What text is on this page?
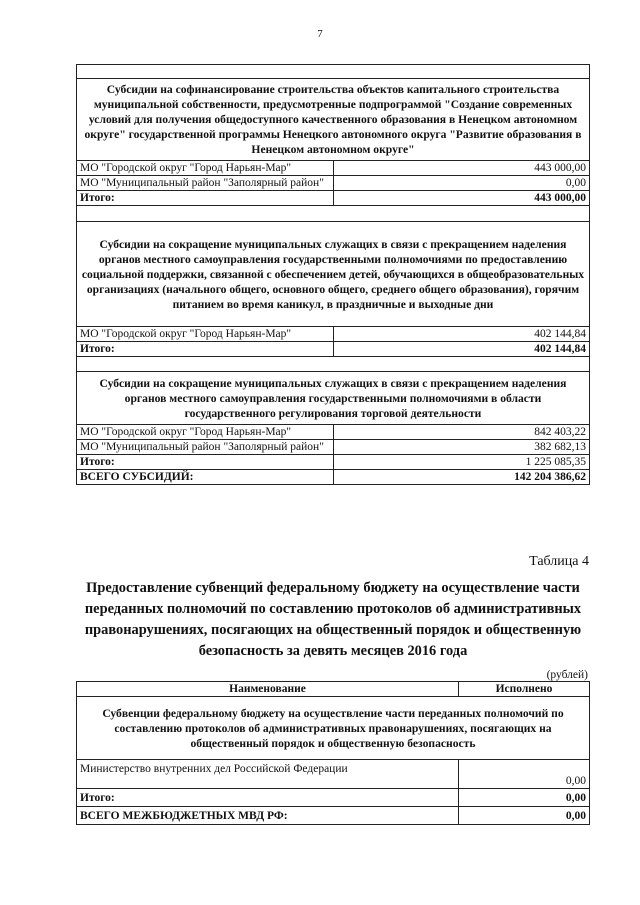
7

Субсидии на софинансирование строительства объектов капитального строительства муниципальной собственности, предусмотренные подпрограммой "Создание современных условий для получения общедоступного качественного образования в Ненецком автономном округе" государственной программы Ненецкого автономного округа "Развитие образования в Ненецком автономном округе"	
МО "Городской округ "Город Нарьян-Мар"	443 000,00
МО "Муниципальный район "Заполярный район"	0,00
Итого:	443 000,00

Субсидии на сокращение муниципальных служащих в связи с прекращением наделения органов местного самоуправления государственными полномочиями по предоставлению социальной поддержки, связанной с обеспечением детей, обучающихся в общеобразовательных организациях (начального общего, основного общего, среднего общего образования), горячим питанием во время каникул, в праздничные и выходные дни	
МО "Городской округ "Город Нарьян-Мар"	402 144,84
Итого:	402 144,84

Субсидии на сокращение муниципальных служащих в связи с прекращением наделения органов местного самоуправления государственными полномочиями в области государственного регулирования торговой деятельности	
МО "Городской округ "Город Нарьян-Мар"	842 403,22
МО "Муниципальный район "Заполярный район"	382 682,13
Итого:	1 225 085,35
ВСЕГО СУБСИДИЙ:	142 204 386,62
Таблица 4
Предоставление субвенций федеральному бюджету на осуществление части переданных полномочий по составлению протоколов об административных правонарушениях, посягающих на общественный порядок и общественную безопасность за девять месяцев 2016 года
(рублей)
Наименование	Исполнено
Субвенции федеральному бюджету на осуществление части переданных полномочий по составлению протоколов об административных правонарушениях, посягающих на общественный порядок и общественную безопасность	
Министерство внутренних дел Российской Федерации	0,00
Итого:	0,00
ВСЕГО МЕЖБЮДЖЕТНЫХ МВД РФ:	0,00
